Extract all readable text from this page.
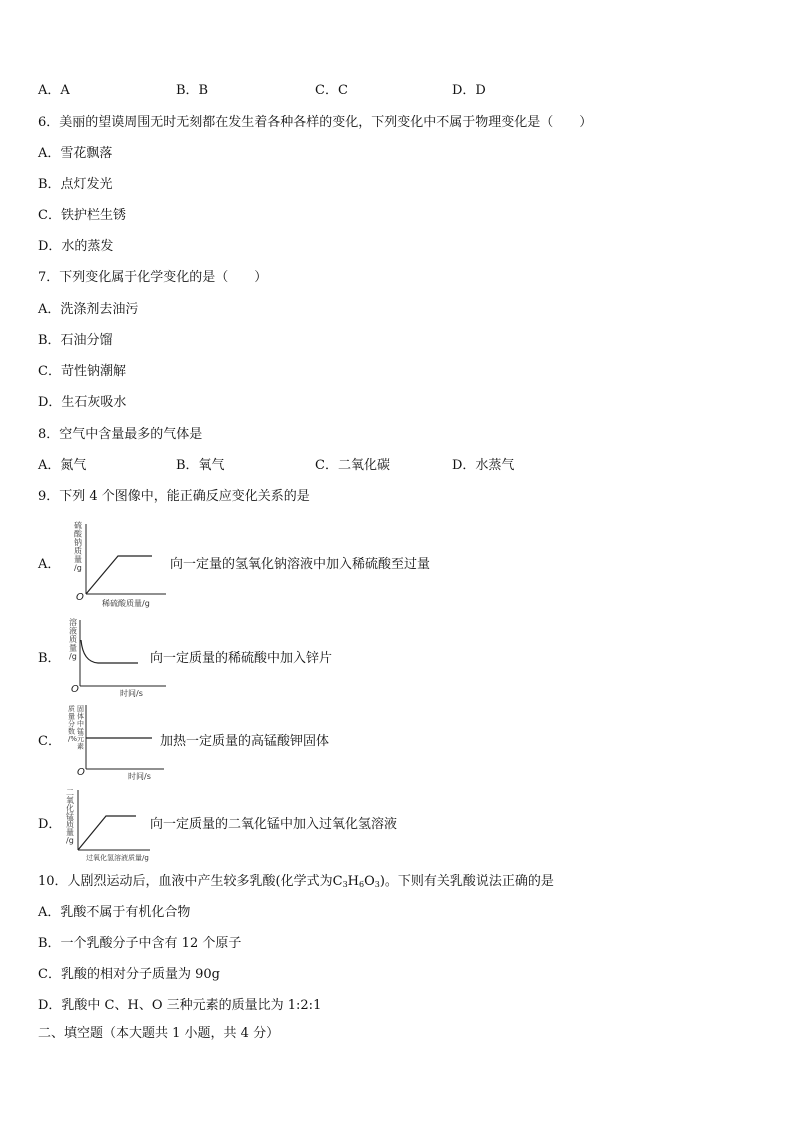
A．A	B．B	C．C	D．D
6．美丽的望谟周围无时无刻都在发生着各种各样的变化，下列变化中不属于物理变化是（　　）
A．雪花飘落
B．点灯发光
C．铁护栏生锈
D．水的蒸发
7．下列变化属于化学变化的是（　　）
A．洗涤剂去油污
B．石油分馏
C．苛性钠潮解
D．生石灰吸水
8．空气中含量最多的气体是
A．氮气	B．氧气	C．二氧化碳	D．水蒸气
9．下列 4 个图像中，能正确反应变化关系的是
A．
硫酸钠质量/g
O
稀硫酸质量/g
向一定量的氢氧化钠溶液中加入稀硫酸至过量
B．
溶液质量/g
O	时间/s
向一定质量的稀硫酸中加入锌片
C．
质量分数/% 固体中锰元素
O	时间/s
加热一定质量的高锰酸钾固体
D．
二氧化锰质量/g
过氧化氢溶液质量/g
向一定质量的二氧化锰中加入过氧化氢溶液
10．人剧烈运动后，血液中产生较多乳酸(化学式为$C_3H_6O_3$)。下则有关乳酸说法正确的是
A．乳酸不属于有机化合物
B．一个乳酸分子中含有 12 个原子
C．乳酸的相对分子质量为 90g
D．乳酸中 C、H、O 三种元素的质量比为 1:2:1
二、填空题（本大题共 1 小题，共 4 分）
